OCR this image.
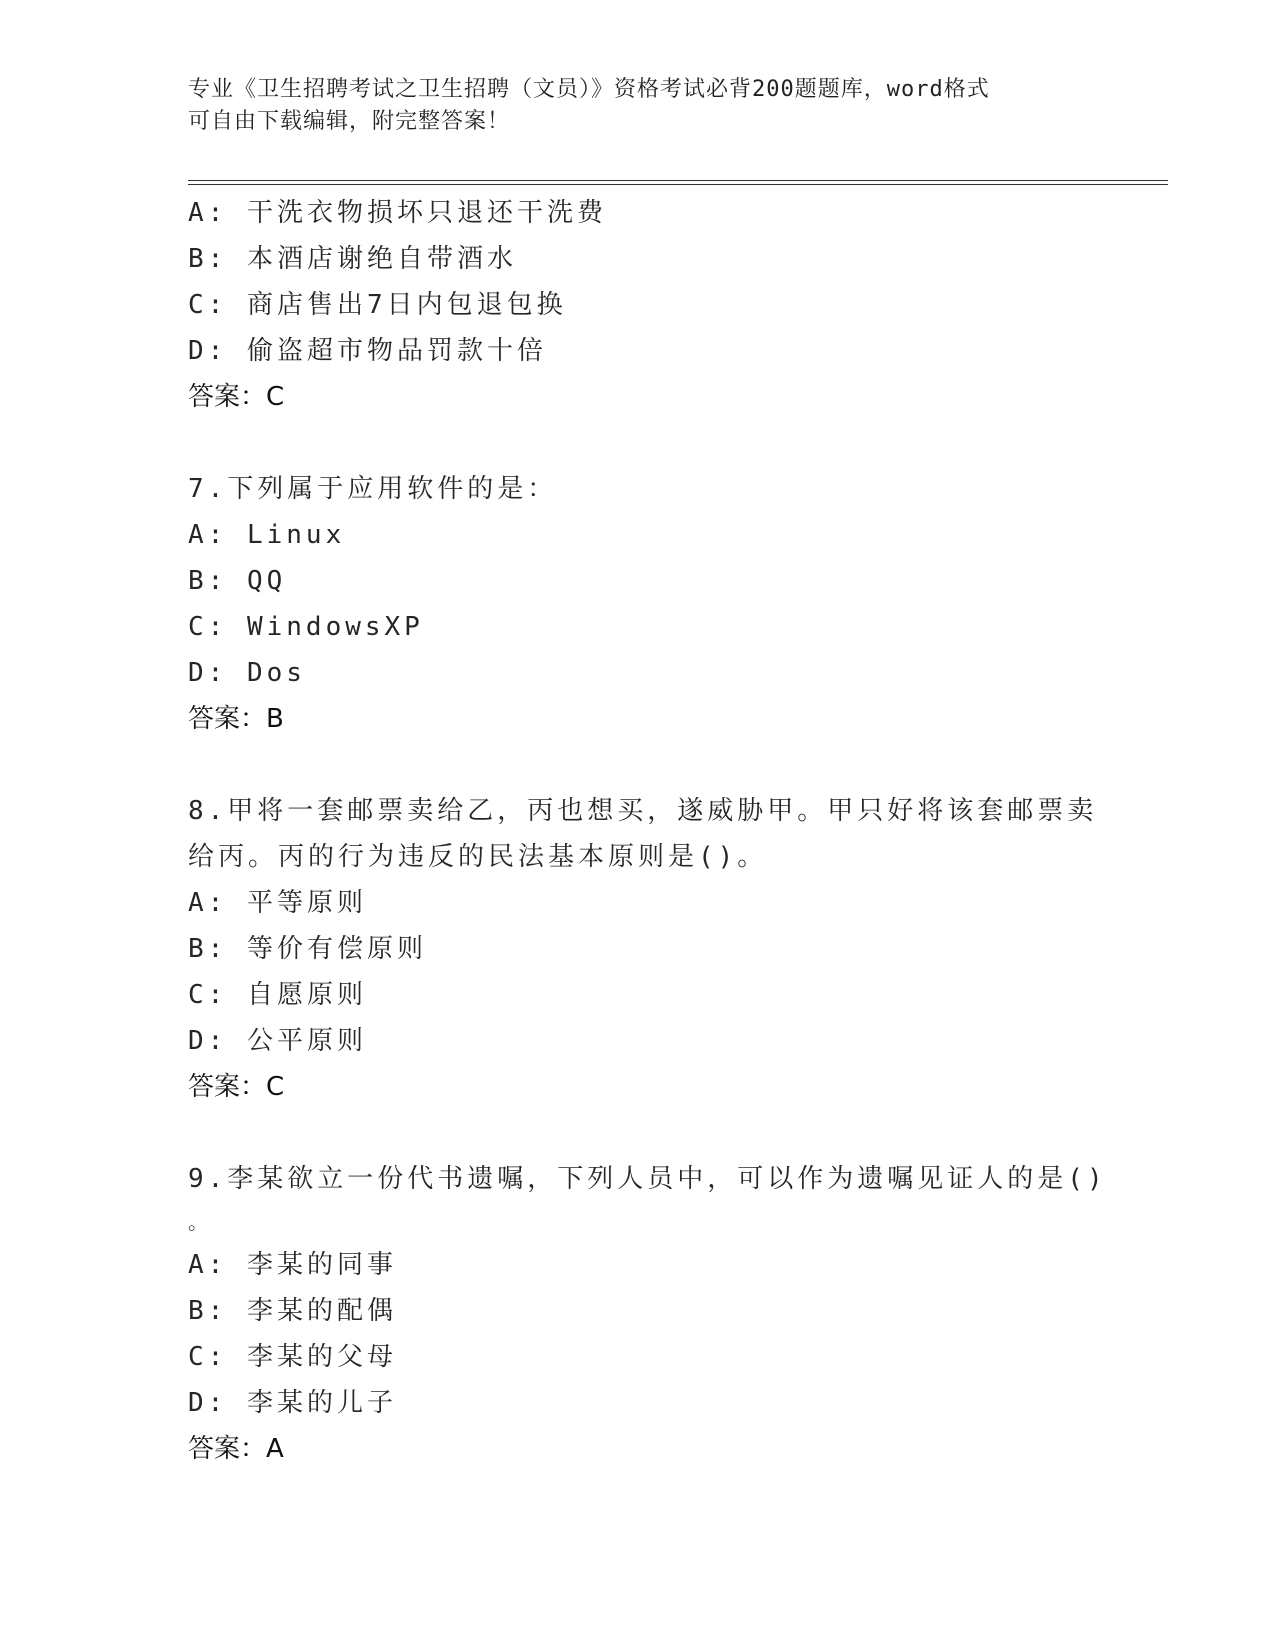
专业《卫生招聘考试之卫生招聘（文员）》资格考试必背200题题库，word格式
可自由下载编辑，附完整答案！
A: 干洗衣物损坏只退还干洗费
B: 本酒店谢绝自带酒水
C: 商店售出7日内包退包换
D: 偷盗超市物品罚款十倍
答案：C
7.下列属于应用软件的是：
A: Linux
B: QQ
C: WindowsXP
D: Dos
答案：B
8.甲将一套邮票卖给乙，丙也想买，遂威胁甲。甲只好将该套邮票卖
给丙。丙的行为违反的民法基本原则是()。
A: 平等原则
B: 等价有偿原则
C: 自愿原则
D: 公平原则
答案：C
9.李某欲立一份代书遗嘱，下列人员中，可以作为遗嘱见证人的是()
。
A: 李某的同事
B: 李某的配偶
C: 李某的父母
D: 李某的儿子
答案：A
